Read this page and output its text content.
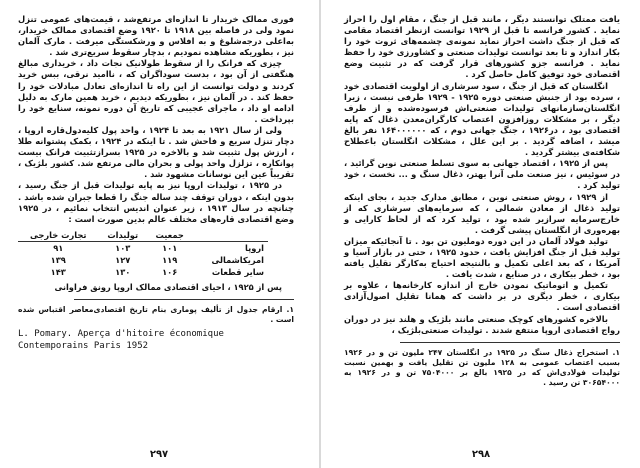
فوری ممالک خریدار تا اندازه‌ای مرتفع‌شد ، قیمت‌های عمومی تنزل نمود ولی در فاصله بین ۱۹۱۸ تا ۱۹۲۰ وضع اقتصادی ممالک خریدار، به‌اعلی درجه‌شلوغ و به افلاس و ورشکستگی میرفت . مارک آلمان نیز ، بطوریکه مشاهده نمودیم ، بدچار سقوط سریع‌تری شد .

چیزی که فرانک را از سقوط طولانیک نجات داد ، خریداری مبالغ هنگفتی از آن بود ، بدست سوداگران که ، ناامید نرقی، ببس خرید کردند و دولت توانست از این راه تا اندازه‌ای تعادل مبادلات خود را حفظ کند . در آلمان نیز ، بطوریکه دیدیم ، خرید همین مارک به دلیل ادامه او داد ، ماجرای عجیبی که تاریخ آن دوره نمونه‌، سنایع خود را بپرداخت .

ولی از سال ۱۹۲۱ به بعد تا ۱۹۲۴ ، واحد پول کلیه‌دول‌قاره‌ اروپا ، دچار تنزل سریع و فاحش شد . تا اینکه در ۱۹۲۴ ، بکمک پشتوانه طلا ، ارزش پول تثبیت شد و بالاخره در ۱۹۲۵ بسرازتثبیت فرانک بیست پوانکاره ، تزلزل واحد پولی و بحران مالی مرتفع شد. کشور بلژیک ، تقریباً عین این نوسانات مشهود شد .

در ۱۹۲۵ ، تولیدات اروپا نیز به پایه تولیدات قبل از جنگ رسید ، بدون اینکه ، دوران توقف چند ساله جنگ را قطعا جبران شده باشد . چنانچه در سال ۱۹۱۳ ، زیر عنوان اندیس انتخاب نمائیم ، در ۱۹۲۵ وضع اقتصادی قاره‌های مختلف عالم بدین صورت است :

	جمعیت	تولیدات	تجارت خارجی
اروپا	۱۰۱	۱۰۳	۹۱
امریکاشمالی	۱۱۹	۱۲۷	۱۳۹
سایر قطعات	۱۰۶	۱۳۰	۱۴۳

پس از ۱۹۲۵ ، احیای اقتصادی ممالک اروپا رونق فراوانی

۱. ارقام جدول از تألیف پوماری بنام تاریخ اقتصادی‌معاصر اقتباس شده است .

L. Pomary. Aperça d'hitoire économique Contemporains Paris 1952

۲۹۷

یافت ممتلک توانستند دیگر ، مانند قبل از جنگ ، مقام اول را احراز نماید . کشور فرانسه تا قبل از ۱۹۲۹ توانست ازنظر اقتصاد مقامی که قبل از جنگ داشت احراز نماید نمونه‌ی چشمه‌های ثروت خود را بکار اندازد و تا بعد توانست تولیدات صنعتی و کشاورزی خود را حفظ نماید . فرانسه جزو کشورهای قرار گرفت که در تثبیت وضع اقتصادی خود توفیق کامل حاصل کرد .

انگلستان که قبل از جنگ ، سود سرشاری از اولویت اقتصادی خود ، سرده بود از جنبش صنعتی دوره ۱۹۲۵ - ۱۹۲۹ طرفی نبست ، زیرا انگلستان‌سازمانهای تولیدات صنعتی‌اش فرسوده‌شده و از طرف دیگر ، بر مشکلات روزافزون اعتصاب کارگران‌معدن ذغال که پایه اقتصادی بود ، در‌۱۹۲۶ ، جنگ جهانی دوم ، که ۱۶۴۰۰۰۰۰۰ نفر بالغ میشد ، اضافه گردید . بر این علل ، مشکلات انگلستان باعطلاح شکافته‌ی بیشتر گردید .

پس از ۱۹۲۵ ، اقتصاد جهانی به سوی تسلط صنعتی نوین گرائید ، در سوئیس ، نیز صنعت ملی آنرا بهتر، ذغال سنگ و ... نخست ، خود تولید کرد .

از ۱۹۲۹ ، روش صنعتی نوین ، مطابق‌ مدارک جدید ، بجای اینکه تولید ذغال از معادن شمالی ، که سرمایه‌های سرشاری که از خارج‌سرمایه سرازیر شده بود ، تولید کرد که از لحاظ کارایی و بهره‌وری از انگلستان پیشی گرفت .

تولید فولاد آلمان در این دوره دوملیون تن بود . تا آنجائیکه میزان تولید قبل از جنگ افزایش یافت ، حدود ۱۹۲۵ ، حتی در بازار آسیا و آمریکا ، که بعد اعلی تکمیل و بالنتیجه احتیاج به‌کارگر تقلیل یافته بود ، خطر بیکاری ، در صنایع ، شدت یافت .

تکمیل و اتوماتیک نمودن خارج از اندازه کارخانه‌ها ، علاوه بر بیکاری ، خطر دیگری در بر داشت که همانا تقلیل اصول‌آزادی اقتصادی است .

بالاخره کشورهای کوچک صنعتی مانند بلژیک و هلند نیز در دوران رواج اقتصادی اروپا منتفع شدند . تولیدات صنعتی‌بلژیک ،

۱. استخراج ذغال سنگ در ۱۹۲۵ در انگلستان ۲۴۷ ملیون تن و در ۱۹۲۶ بسبب اعتصاب عمومی به ۱۲۸ ملیون تن تقلیل یافت و بهمین نسبت تولیدات فولادی‌اش که در ۱۹۲۵ بالغ بر ۷۵۰۴۰۰۰ تن و در ۱۹۲۶ به ۳۰۶۵۴۰۰۰ تن رسید .

۲۹۸
